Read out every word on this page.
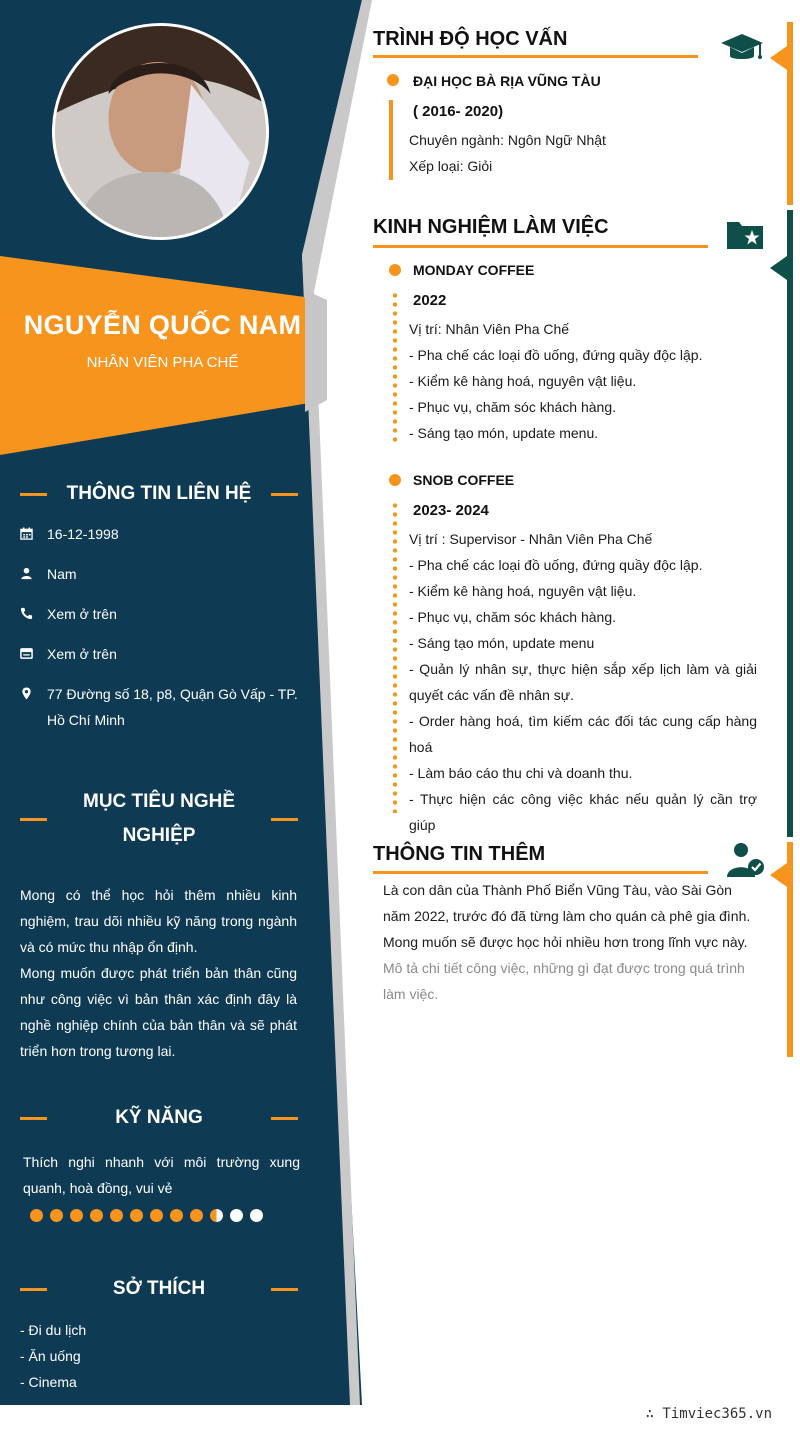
NGUYỄN QUỐC NAM
NHÂN VIÊN PHA CHẾ
THÔNG TIN LIÊN HỆ
16-12-1998
Nam
Xem ở trên
Xem ở trên
77 Đường số 18, p8, Quận Gò Vấp - TP. Hồ Chí Minh
MỤC TIÊU NGHỀ NGHIỆP

Mong có thể học hỏi thêm nhiều kinh nghiệm, trau dõi nhiều kỹ năng trong ngành và có mức thu nhập ổn định.

Mong muốn được phát triển bản thân cũng như công việc vì bản thân xác định đây là nghề nghiệp chính của bản thân và sẽ phát triển hơn trong tương lai.

KỸ NĂNG
Thích nghi nhanh với môi trường xung quanh, hoà đồng, vui vẻ
SỞ THÍCH
- Đi du lịch
- Ăn uống
- Cinema
TRÌNH ĐỘ HỌC VẤN
ĐẠI HỌC BÀ RỊA VŨNG TÀU
( 2016- 2020)

Chuyên ngành: Ngôn Ngữ Nhật

Xếp loại: Giỏi

KINH NGHIỆM LÀM VIỆC
MONDAY COFFEE
2022

Vị trí: Nhân Viên Pha Chế

- Pha chế các loại đồ uống, đứng quầy độc lập.

- Kiểm kê hàng hoá, nguyên vật liệu.

- Phục vụ, chăm sóc khách hàng.

- Sáng tạo món, update menu.

SNOB COFFEE
2023- 2024

Vị trí : Supervisor - Nhân Viên Pha Chế

- Pha chế các loại đồ uống, đứng quầy độc lập.

- Kiểm kê hàng hoá, nguyên vật liệu.

- Phục vụ, chăm sóc khách hàng.

- Sáng tạo món, update menu

- Quản lý nhân sự, thực hiện sắp xếp lịch làm và giải quyết các vấn đề nhân sự.

- Order hàng hoá, tìm kiếm các đối tác cung cấp hàng hoá

- Làm báo cáo thu chi và doanh thu.

- Thực hiện các công việc khác nếu quản lý cần trợ giúp

THÔNG TIN THÊM

Là con dân của Thành Phố Biển Vũng Tàu, vào Sài Gòn năm 2022, trước đó đã từng làm cho quán cà phê gia đình. Mong muốn sẽ được học hỏi nhiều hơn trong lĩnh vực này.

Mô tả chi tiết công việc, những gì đạt được trong quá trình làm việc.

∴ Timviec365.vn
